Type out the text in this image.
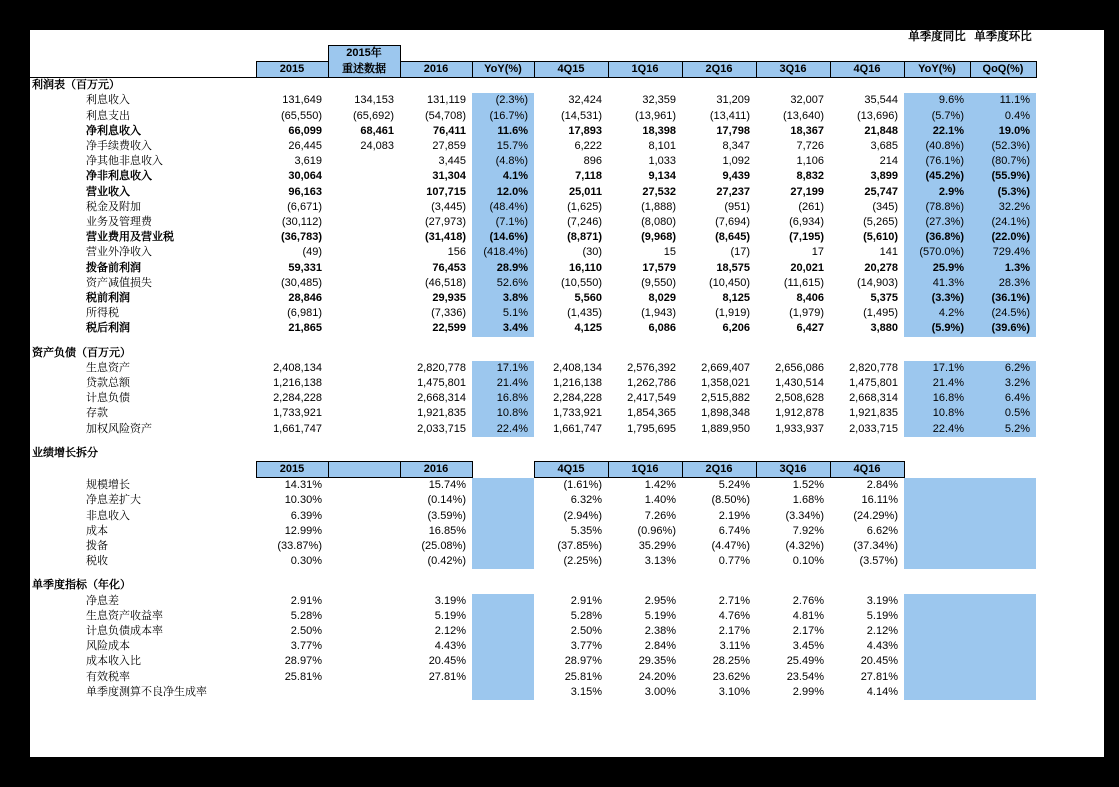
										单季度同比	单季度环比
		2015年									
	2015	重述数据	2016	YoY(%)	4Q15	1Q16	2Q16	3Q16	4Q16	YoY(%)	QoQ(%)
利润表（百万元）											
利息收入	131,649	134,153	131,119	(2.3%)	32,424	32,359	31,209	32,007	35,544	9.6%	11.1%
利息支出	(65,550)	(65,692)	(54,708)	(16.7%)	(14,531)	(13,961)	(13,411)	(13,640)	(13,696)	(5.7%)	0.4%
净利息收入	66,099	68,461	76,411	11.6%	17,893	18,398	17,798	18,367	21,848	22.1%	19.0%
净手续费收入	26,445	24,083	27,859	15.7%	6,222	8,101	8,347	7,726	3,685	(40.8%)	(52.3%)
净其他非息收入	3,619		3,445	(4.8%)	896	1,033	1,092	1,106	214	(76.1%)	(80.7%)
净非利息收入	30,064		31,304	4.1%	7,118	9,134	9,439	8,832	3,899	(45.2%)	(55.9%)
营业收入	96,163		107,715	12.0%	25,011	27,532	27,237	27,199	25,747	2.9%	(5.3%)
税金及附加	(6,671)		(3,445)	(48.4%)	(1,625)	(1,888)	(951)	(261)	(345)	(78.8%)	32.2%
业务及管理费	(30,112)		(27,973)	(7.1%)	(7,246)	(8,080)	(7,694)	(6,934)	(5,265)	(27.3%)	(24.1%)
营业费用及营业税	(36,783)		(31,418)	(14.6%)	(8,871)	(9,968)	(8,645)	(7,195)	(5,610)	(36.8%)	(22.0%)
营业外净收入	(49)		156	(418.4%)	(30)	15	(17)	17	141	(570.0%)	729.4%
拨备前利润	59,331		76,453	28.9%	16,110	17,579	18,575	20,021	20,278	25.9%	1.3%
资产减值损失	(30,485)		(46,518)	52.6%	(10,550)	(9,550)	(10,450)	(11,615)	(14,903)	41.3%	28.3%
税前利润	28,846		29,935	3.8%	5,560	8,029	8,125	8,406	5,375	(3.3%)	(36.1%)
所得税	(6,981)		(7,336)	5.1%	(1,435)	(1,943)	(1,919)	(1,979)	(1,495)	4.2%	(24.5%)
税后利润	21,865		22,599	3.4%	4,125	6,086	6,206	6,427	3,880	(5.9%)	(39.6%)

资产负债（百万元）											
生息资产	2,408,134		2,820,778	17.1%	2,408,134	2,576,392	2,669,407	2,656,086	2,820,778	17.1%	6.2%
贷款总额	1,216,138		1,475,801	21.4%	1,216,138	1,262,786	1,358,021	1,430,514	1,475,801	21.4%	3.2%
计息负债	2,284,228		2,668,314	16.8%	2,284,228	2,417,549	2,515,882	2,508,628	2,668,314	16.8%	6.4%
存款	1,733,921		1,921,835	10.8%	1,733,921	1,854,365	1,898,348	1,912,878	1,921,835	10.8%	0.5%
加权风险资产	1,661,747		2,033,715	22.4%	1,661,747	1,795,695	1,889,950	1,933,937	2,033,715	22.4%	5.2%

业绩增长拆分											
	2015		2016		4Q15	1Q16	2Q16	3Q16	4Q16		
规模增长	14.31%		15.74%		(1.61%)	1.42%	5.24%	1.52%	2.84%		
净息差扩大	10.30%		(0.14%)		6.32%	1.40%	(8.50%)	1.68%	16.11%		
非息收入	6.39%		(3.59%)		(2.94%)	7.26%	2.19%	(3.34%)	(24.29%)		
成本	12.99%		16.85%		5.35%	(0.96%)	6.74%	7.92%	6.62%		
拨备	(33.87%)		(25.08%)		(37.85%)	35.29%	(4.47%)	(4.32%)	(37.34%)		
税收	0.30%		(0.42%)		(2.25%)	3.13%	0.77%	0.10%	(3.57%)		

单季度指标（年化）											
净息差	2.91%		3.19%		2.91%	2.95%	2.71%	2.76%	3.19%		
生息资产收益率	5.28%		5.19%		5.28%	5.19%	4.76%	4.81%	5.19%		
计息负债成本率	2.50%		2.12%		2.50%	2.38%	2.17%	2.17%	2.12%		
风险成本	3.77%		4.43%		3.77%	2.84%	3.11%	3.45%	4.43%		
成本收入比	28.97%		20.45%		28.97%	29.35%	28.25%	25.49%	20.45%		
有效税率	25.81%		27.81%		25.81%	24.20%	23.62%	23.54%	27.81%		
单季度测算不良净生成率					3.15%	3.00%	3.10%	2.99%	4.14%		
